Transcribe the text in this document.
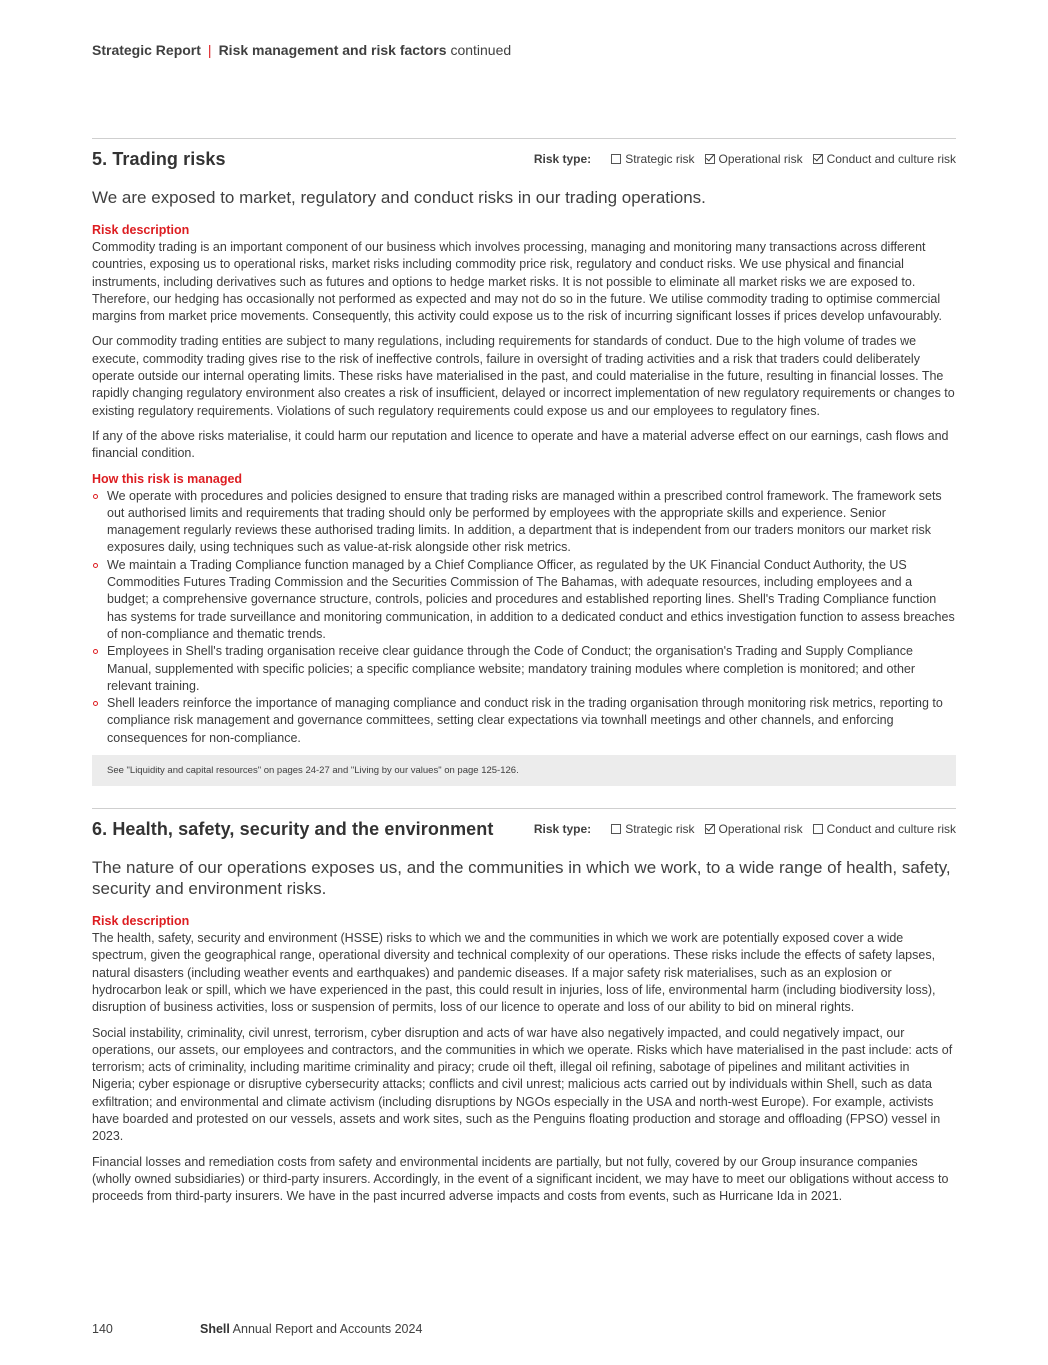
Strategic Report | Risk management and risk factors continued
5. Trading risks	Risk type:	Strategic risk Operational risk Conduct and culture risk
We are exposed to market, regulatory and conduct risks in our trading operations.
Risk description

Commodity trading is an important component of our business which involves processing, managing and monitoring many transactions across different countries, exposing us to operational risks, market risks including commodity price risk, regulatory and conduct risks. We use physical and financial instruments, including derivatives such as futures and options to hedge market risks. It is not possible to eliminate all market risks we are exposed to. Therefore, our hedging has occasionally not performed as expected and may not do so in the future. We utilise commodity trading to optimise commercial margins from market price movements. Consequently, this activity could expose us to the risk of incurring significant losses if prices develop unfavourably.

Our commodity trading entities are subject to many regulations, including requirements for standards of conduct. Due to the high volume of trades we execute, commodity trading gives rise to the risk of ineffective controls, failure in oversight of trading activities and a risk that traders could deliberately operate outside our internal operating limits. These risks have materialised in the past, and could materialise in the future, resulting in financial losses. The rapidly changing regulatory environment also creates a risk of insufficient, delayed or incorrect implementation of new regulatory requirements or changes to existing regulatory requirements. Violations of such regulatory requirements could expose us and our employees to regulatory fines.

If any of the above risks materialise, it could harm our reputation and licence to operate and have a material adverse effect on our earnings, cash flows and financial condition.

How this risk is managed
We operate with procedures and policies designed to ensure that trading risks are managed within a prescribed control framework. The framework sets out authorised limits and requirements that trading should only be performed by employees with the appropriate skills and experience. Senior management regularly reviews these authorised trading limits. In addition, a department that is independent from our traders monitors our market risk exposures daily, using techniques such as value-at-risk alongside other risk metrics.
We maintain a Trading Compliance function managed by a Chief Compliance Officer, as regulated by the UK Financial Conduct Authority, the US Commodities Futures Trading Commission and the Securities Commission of The Bahamas, with adequate resources, including employees and a budget; a comprehensive governance structure, controls, policies and procedures and established reporting lines. Shell's Trading Compliance function has systems for trade surveillance and monitoring communication, in addition to a dedicated conduct and ethics investigation function to assess breaches of non-compliance and thematic trends.
Employees in Shell's trading organisation receive clear guidance through the Code of Conduct; the organisation's Trading and Supply Compliance Manual, supplemented with specific policies; a specific compliance website; mandatory training modules where completion is monitored; and other relevant training.
Shell leaders reinforce the importance of managing compliance and conduct risk in the trading organisation through monitoring risk metrics, reporting to compliance risk management and governance committees, setting clear expectations via townhall meetings and other channels, and enforcing consequences for non-compliance.
See "Liquidity and capital resources" on pages 24-27 and "Living by our values" on page 125-126.
6. Health, safety, security and the environment	Risk type:	Strategic risk Operational risk Conduct and culture risk
The nature of our operations exposes us, and the communities in which we work, to a wide range of health, safety, security and environment risks.
Risk description

The health, safety, security and environment (HSSE) risks to which we and the communities in which we work are potentially exposed cover a wide spectrum, given the geographical range, operational diversity and technical complexity of our operations. These risks include the effects of safety lapses, natural disasters (including weather events and earthquakes) and pandemic diseases. If a major safety risk materialises, such as an explosion or hydrocarbon leak or spill, which we have experienced in the past, this could result in injuries, loss of life, environmental harm (including biodiversity loss), disruption of business activities, loss or suspension of permits, loss of our licence to operate and loss of our ability to bid on mineral rights.

Social instability, criminality, civil unrest, terrorism, cyber disruption and acts of war have also negatively impacted, and could negatively impact, our operations, our assets, our employees and contractors, and the communities in which we operate. Risks which have materialised in the past include: acts of terrorism; acts of criminality, including maritime criminality and piracy; crude oil theft, illegal oil refining, sabotage of pipelines and militant activities in Nigeria; cyber espionage or disruptive cybersecurity attacks; conflicts and civil unrest; malicious acts carried out by individuals within Shell, such as data exfiltration; and environmental and climate activism (including disruptions by NGOs especially in the USA and north-west Europe). For example, activists have boarded and protested on our vessels, assets and work sites, such as the Penguins floating production and storage and offloading (FPSO) vessel in 2023.

Financial losses and remediation costs from safety and environmental incidents are partially, but not fully, covered by our Group insurance companies (wholly owned subsidiaries) or third-party insurers. Accordingly, in the event of a significant incident, we may have to meet our obligations without access to proceeds from third-party insurers. We have in the past incurred adverse impacts and costs from events, such as Hurricane Ida in 2021.

140	Shell Annual Report and Accounts 2024
